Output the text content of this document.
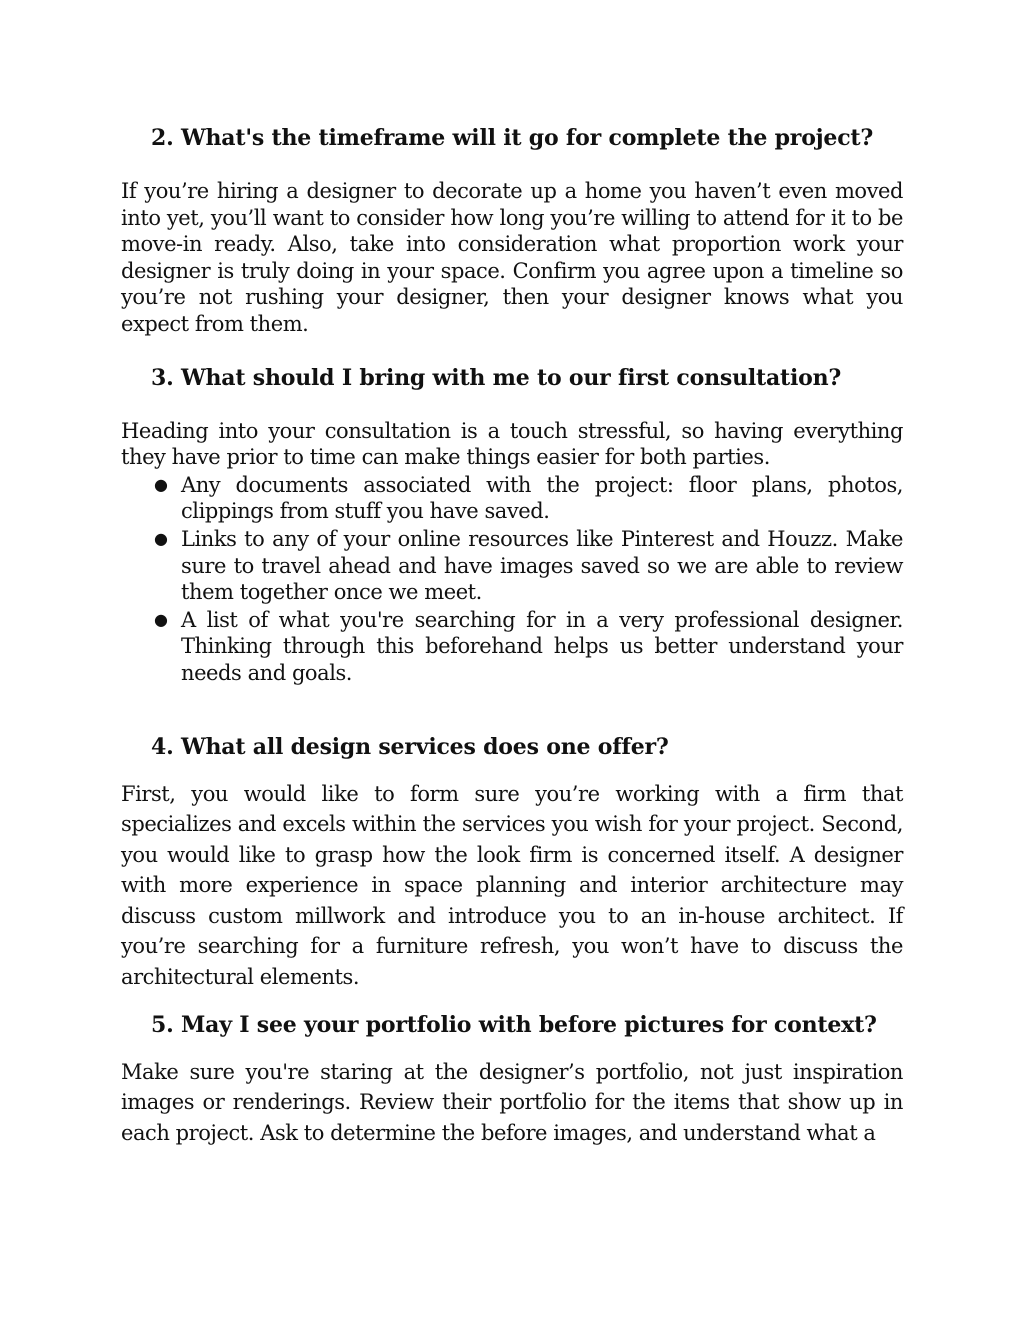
2. What's the timeframe will it go for complete the project?

If you’re hiring a designer to decorate up a home you haven’t even moved into yet, you’ll want to consider how long you’re willing to attend for it to be move-in ready. Also, take into consideration what proportion work your designer is truly doing in your space. Confirm you agree upon a timeline so you’re not rushing your designer, then your designer knows what you expect from them.

3. What should I bring with me to our first consultation?

Heading into your consultation is a touch stressful, so having everything they have prior to time can make things easier for both parties.

● Any documents associated with the project: floor plans, photos, clippings from stuff you have saved.
● Links to any of your online resources like Pinterest and Houzz. Make sure to travel ahead and have images saved so we are able to review them together once we meet.
● A list of what you're searching for in a very professional designer. Thinking through this beforehand helps us better understand your needs and goals.
4. What all design services does one offer?

First, you would like to form sure you’re working with a firm that specializes and excels within the services you wish for your project. Second, you would like to grasp how the look firm is concerned itself. A designer with more experience in space planning and interior architecture may discuss custom millwork and introduce you to an in-house architect. If you’re searching for a furniture refresh, you won’t have to discuss the architectural elements.

5. May I see your portfolio with before pictures for context?

Make sure you're staring at the designer’s portfolio, not just inspiration images or renderings. Review their portfolio for the items that show up in each project. Ask to determine the before images, and understand what a
